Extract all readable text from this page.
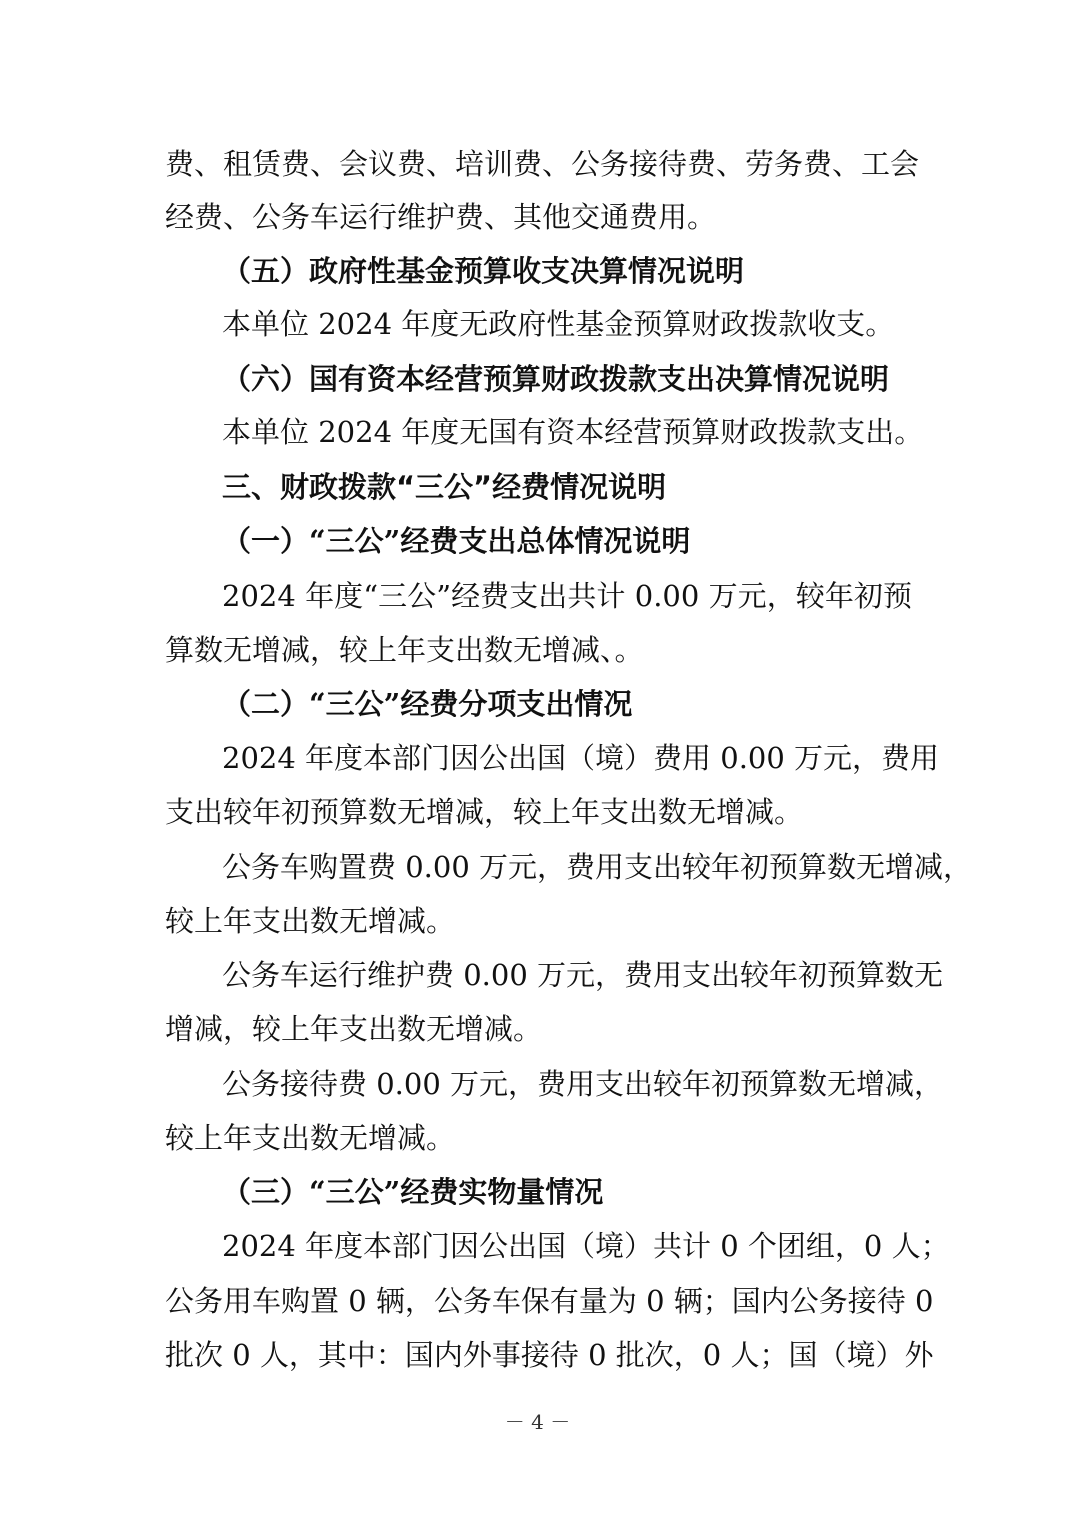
费、租赁费、会议费、培训费、公务接待费、劳务费、工会
经费、公务车运行维护费、其他交通费用。
（五）政府性基金预算收支决算情况说明
本单位 2024 年度无政府性基金预算财政拨款收支。
（六）国有资本经营预算财政拨款支出决算情况说明
本单位 2024 年度无国有资本经营预算财政拨款支出。
三、财政拨款“三公”经费情况说明
（一）“三公”经费支出总体情况说明
2024 年度“三公”经费支出共计 0.00 万元，较年初预
算数无增减，较上年支出数无增减、。
（二）“三公”经费分项支出情况
2024 年度本部门因公出国（境）费用 0.00 万元，费用
支出较年初预算数无增减，较上年支出数无增减。
公务车购置费 0.00 万元，费用支出较年初预算数无增减，
较上年支出数无增减。
公务车运行维护费 0.00 万元，费用支出较年初预算数无
增减，较上年支出数无增减。
公务接待费 0.00 万元，费用支出较年初预算数无增减，
较上年支出数无增减。
（三）“三公”经费实物量情况
2024 年度本部门因公出国（境）共计 0 个团组，0 人；
公务用车购置 0 辆，公务车保有量为 0 辆；国内公务接待 0
批次 0 人，其中：国内外事接待 0 批次，0 人；国（境）外
－ 4 －
